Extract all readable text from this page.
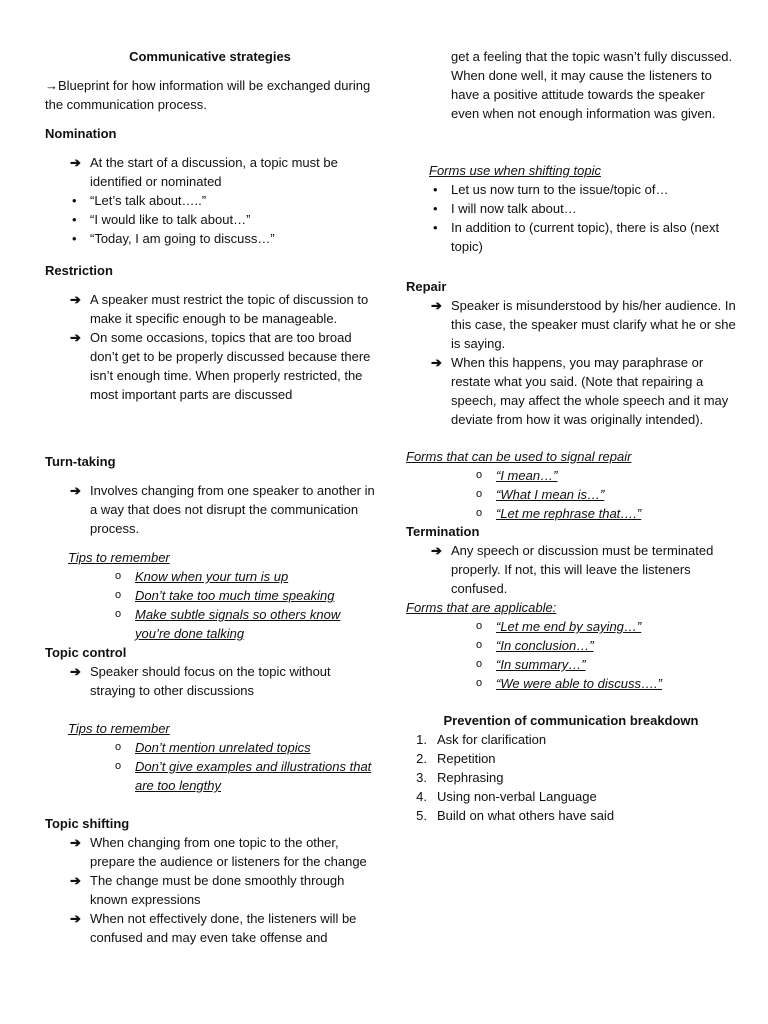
Communicative strategies
→Blueprint for how information will be exchanged during the communication process.
Nomination
➔ At the start of a discussion, a topic must be identified or nominated
• “Let’s talk about…..”
• “I would like to talk about…”
• “Today, I am going to discuss…”
Restriction
➔ A speaker must restrict the topic of discussion to make it specific enough to be manageable.
➔ On some occasions, topics that are too broad don’t get to be properly discussed because there isn’t enough time. When properly restricted, the most important parts are discussed
Turn-taking
➔ Involves changing from one speaker to another in a way that does not disrupt the communication process.
Tips to remember
o Know when your turn is up
o Don’t take too much time speaking
o Make subtle signals so others know you’re done talking
Topic control
➔ Speaker should focus on the topic without straying to other discussions
Tips to remember
o Don’t mention unrelated topics
o Don’t give examples and illustrations that are too lengthy
Topic shifting
➔ When changing from one topic to the other, prepare the audience or listeners for the change
➔ The change must be done smoothly through known expressions
➔ When not effectively done, the listeners will be confused and may even take offense and
get a feeling that the topic wasn’t fully discussed. When done well, it may cause the listeners to have a positive attitude towards the speaker even when not enough information was given.
Forms use when shifting topic
• Let us now turn to the issue/topic of…
• I will now talk about…
• In addition to (current topic), there is also (next topic)
Repair
➔ Speaker is misunderstood by his/her audience. In this case, the speaker must clarify what he or she is saying.
➔ When this happens, you may paraphrase or restate what you said. (Note that repairing a speech, may affect the whole speech and it may deviate from how it was originally intended).
Forms that can be used to signal repair
o “I mean…”
o “What I mean is…”
o “Let me rephrase that….”
Termination
➔ Any speech or discussion must be terminated properly. If not, this will leave the listeners confused.
Forms that are applicable:
o “Let me end by saying…”
o “In conclusion…”
o “In summary…”
o “We were able to discuss….”
Prevention of communication breakdown
1. Ask for clarification
2. Repetition
3. Rephrasing
4. Using non-verbal Language
5. Build on what others have said
